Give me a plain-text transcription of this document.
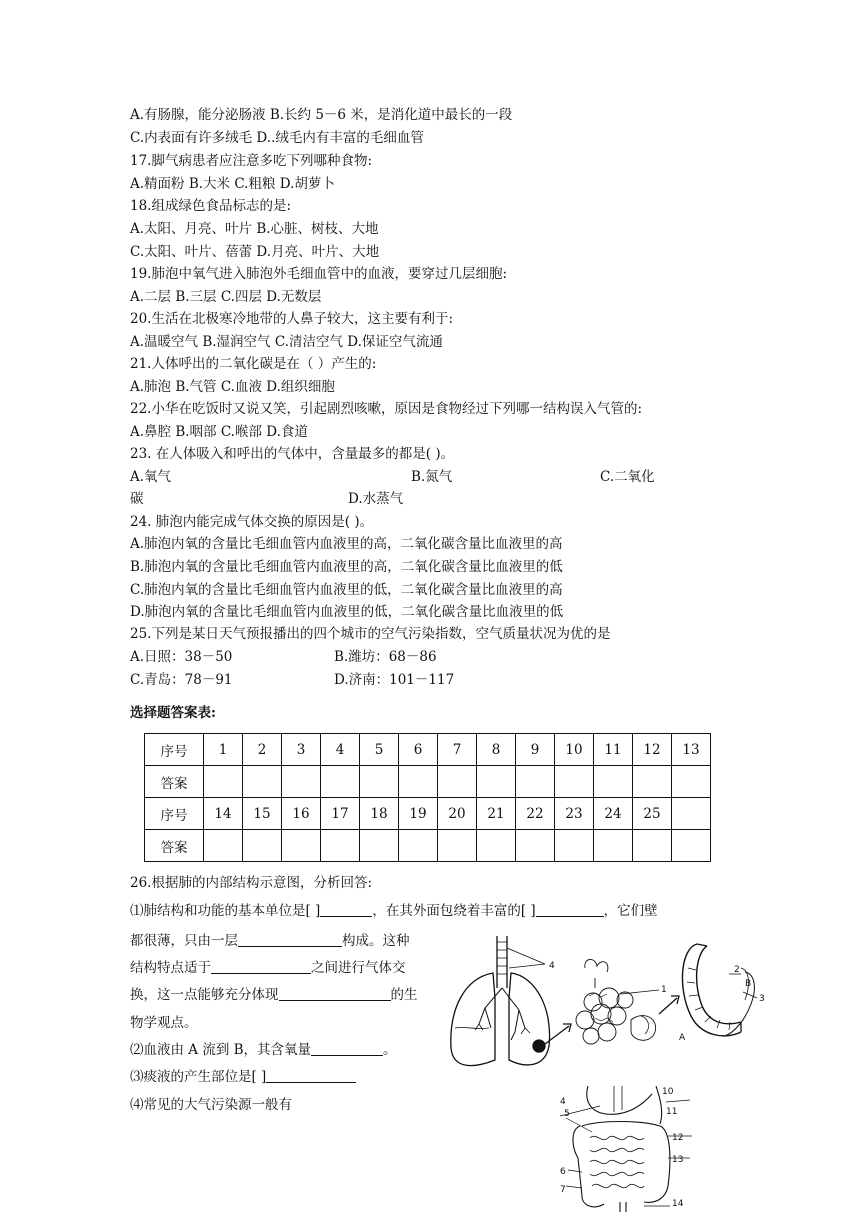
A.有肠腺，能分泌肠液 B.长约 5－6 米，是消化道中最长的一段
C.内表面有许多绒毛 D..绒毛内有丰富的毛细血管
17.脚气病患者应注意多吃下列哪种食物:
A.精面粉 B.大米 C.粗粮 D.胡萝卜
18.组成绿色食品标志的是:
A.太阳、月亮、叶片 B.心脏、树枝、大地
C.太阳、叶片、蓓蕾 D.月亮、叶片、大地
19.肺泡中氧气进入肺泡外毛细血管中的血液，要穿过几层细胞:
A.二层 B.三层 C.四层 D.无数层
20.生活在北极寒冷地带的人鼻子较大，这主要有利于:
A.温暖空气 B.湿润空气 C.清洁空气 D.保证空气流通
21.人体呼出的二氧化碳是在（ ）产生的:
A.肺泡 B.气管 C.血液 D.组织细胞
22.小华在吃饭时又说又笑，引起剧烈咳嗽，原因是食物经过下列哪一结构误入气管的:
A.鼻腔 B.咽部 C.喉部 D.食道
23. 在人体吸入和呼出的气体中，含量最多的都是( )。
A.氧气	B.氮气	C.二氧化
碳	D.水蒸气
24. 肺泡内能完成气体交换的原因是( )。
A.肺泡内氧的含量比毛细血管内血液里的高，二氧化碳含量比血液里的高
B.肺泡内氧的含量比毛细血管内血液里的高，二氧化碳含量比血液里的低
C.肺泡内氧的含量比毛细血管内血液里的低，二氧化碳含量比血液里的高
D.肺泡内氧的含量比毛细血管内血液里的低，二氧化碳含量比血液里的低
25.下列是某日天气预报播出的四个城市的空气污染指数，空气质量状况为优的是
A.日照：38－50	B.潍坊：68－86
C.青岛：78－91	D.济南：101－117
选择题答案表:
序号	1	2	3	4	5	6	7	8	9	10	11	12	13
答案													
序号	14	15	16	17	18	19	20	21	22	23	24	25	
答案													
26.根据肺的内部结构示意图，分析回答:
⑴肺结构和功能的基本单位是[ ]	，在其外面包绕着丰富的[ ]	，它们壁
都很薄，只由一层	构成。这种
结构特点适于	之间进行气体交
换，这一点能够充分体现	的生
物学观点。
⑵血液由 A 流到 B，其含氧量	。
⑶痰液的产生部位是[ ]
⑷常见的大气污染源一般有
4
1
2
B
3
A
10
4
5	11
12
13
6
7
14
